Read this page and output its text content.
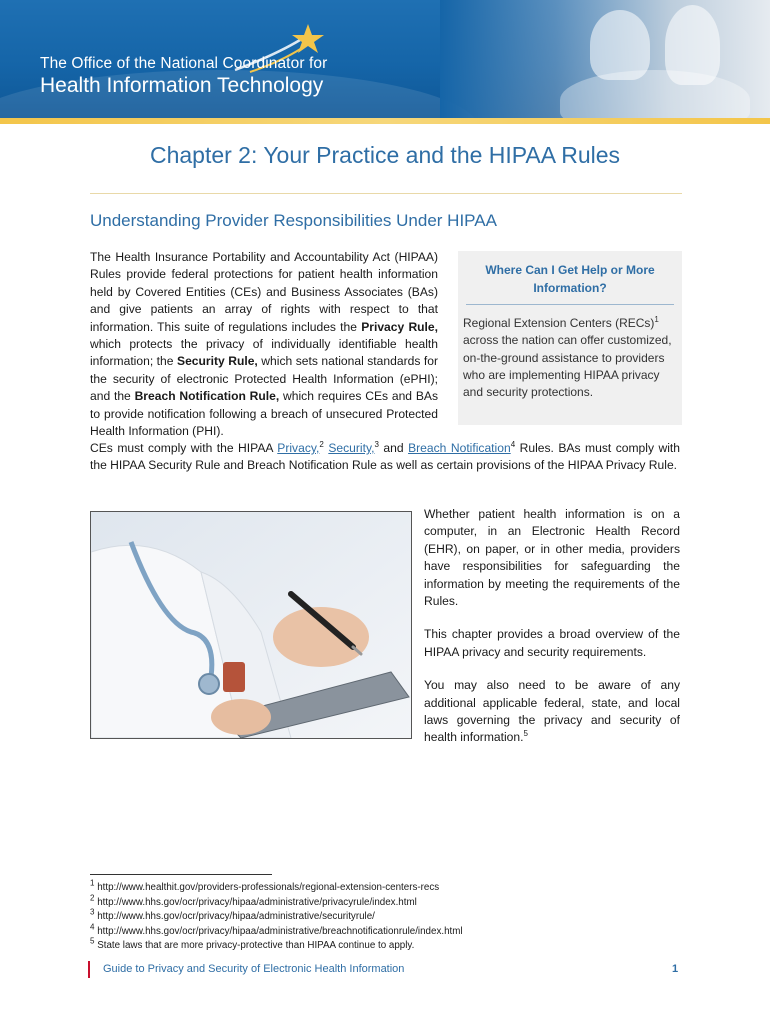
The Office of the National Coordinator for
Health Information Technology
Chapter 2: Your Practice and the HIPAA Rules
Understanding Provider Responsibilities Under HIPAA
The Health Insurance Portability and Accountability Act (HIPAA) Rules provide federal protections for patient health information held by Covered Entities (CEs) and Business Associates (BAs) and give patients an array of rights with respect to that information. This suite of regulations includes the Privacy Rule, which protects the privacy of individually identifiable health information; the Security Rule, which sets national standards for the security of electronic Protected Health Information (ePHI); and the Breach Notification Rule, which requires CEs and BAs to provide notification following a breach of unsecured Protected Health Information (PHI).
CEs must comply with the HIPAA Privacy,$^2$ Security,$^3$ and Breach Notification$^4$ Rules. BAs must comply with the HIPAA Security Rule and Breach Notification Rule as well as certain provisions of the HIPAA Privacy Rule.
Where Can I Get Help or More Information?
Regional Extension Centers (RECs)$^1$ across the nation can offer customized, on-the-ground assistance to providers who are implementing HIPAA privacy and security protections.

Whether patient health information is on a computer, in an Electronic Health Record (EHR), on paper, or in other media, providers have responsibilities for safeguarding the information by meeting the requirements of the Rules.

This chapter provides a broad overview of the HIPAA privacy and security requirements.

You may also need to be aware of any additional applicable federal, state, and local laws governing the privacy and security of health information.$^5$

$^1$ http://www.healthit.gov/providers-professionals/regional-extension-centers-recs
$^2$ http://www.hhs.gov/ocr/privacy/hipaa/administrative/privacyrule/index.html
$^3$ http://www.hhs.gov/ocr/privacy/hipaa/administrative/securityrule/
$^4$ http://www.hhs.gov/ocr/privacy/hipaa/administrative/breachnotificationrule/index.html
$^5$ State laws that are more privacy-protective than HIPAA continue to apply.
Guide to Privacy and Security of Electronic Health Information	1
